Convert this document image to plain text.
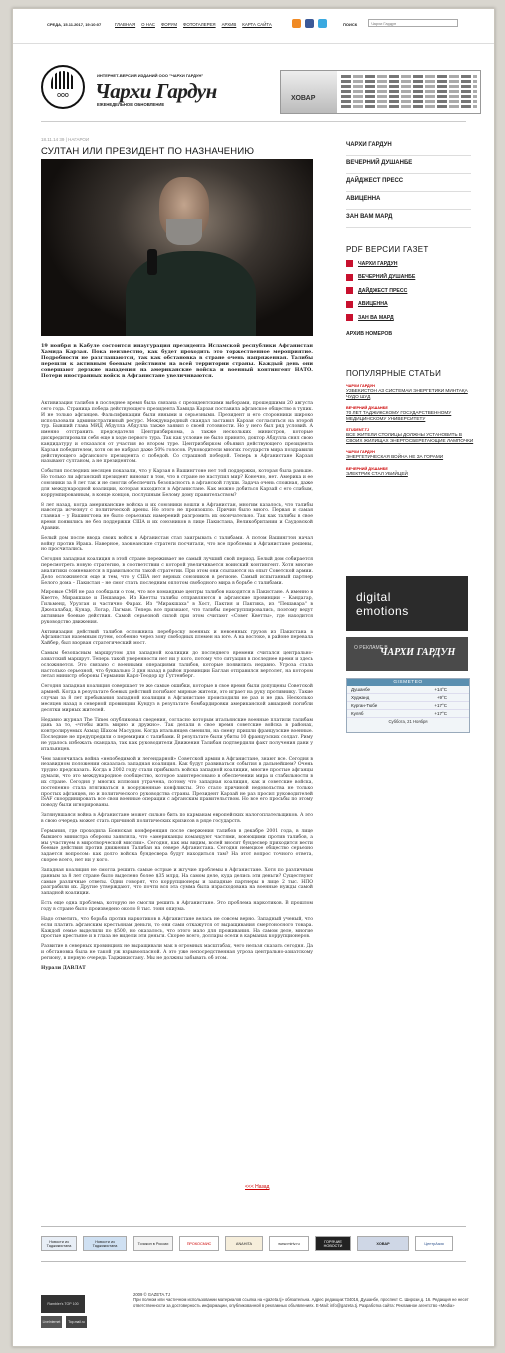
СРЕДА, 15.11.2017, 19:10:07	ГЛАВНАЯ О НАС ФОРУМ ФОТОГАЛЕРЕЯ АРХИВ КАРТА САЙТА	ПОИСК
Чархи Гардун
ООО
ИНТЕРНЕТ-ВЕРСИЯ ИЗДАНИЙ ООО "ЧАРХИ ГАРДУН"
Чархи Гардун
ЕЖЕНЕДЕЛЬНОЕ ОБНОВЛЕНИЕ
ХОВАР
18.11.14 39 | НАГАРОИ
СУЛТАН ИЛИ ПРЕЗИДЕНТ ПО НАЗНАЧЕНИЮ
19 ноября в Кабуле состоится инаугурация президента Исламской республики Афганистан Хамида Карзая. Пока неизвестно, как будет проходить это торжественное мероприятие. Подробности не разглашаются, так как обстановка в стране очень напряженная. Талибы перешли к активным боевым действиям на всей территории страны. Каждый день они совершают дерзкие нападения на американские войска и военный контингент НАТО. Потери иностранных войск в Афганистане увеличиваются.

Активизация талибов в последнее время была связана с президентскими выборами, прошедшими 20 августа сего года. Страница победа действующего президента Хамида Карзая поставила афганское общество в тупик. И не только афганцев. Фальсификации были явными и серьезными. Президент и его сторонники широко использовали административный ресурс. Международный скандал заставил Карзая согласиться на второй тур. Бывший глава МИД Абдулла Абдулла также заявил о своей готовности. Но у него был ряд условий. А именно отстранить председателя Центризбиркома, а также нескольких министров, которые дискредитировали себя еще в ходе первого тура. Так как условие не было принято, доктор Абдулла снял свою кандидатуру и отказался от участия во втором туре. Центризбирком объявил действующего президента Карзая победителем, хотя он не набрал даже 50% голосов. Руководители многих государств мира поздравили действующего афганского президента с победой. Со страшной победой. Теперь в Афганистане Карзая называют султаном, а не президентом.

События последних месяцев показали, что у Карзая в Вашингтоне нет той поддержки, которая была раньше. Но только ли афганский президент виноват в том, что в стране не наступил мир? Конечно, нет. Америка и ее союзники за 8 лет так и не смогли обеспечить безопасность в афганской глуши. Задача очень сложная, даже для международной коалиции, которая находится в Афганистане. Как можно добиться Карзай с его слабым, коррумпированным, в конце концов, послушным Белому дому правительством?

8 лет назад, когда американские войска и их союзники вошли в Афганистан, многим казалось, что талибы навсегда исчезнут с политической арены. Но этого не произошло. Причин было много. Первая и самая главная – у Вашингтона не было серьезных намерений разгромить их окончательно. Так как талибы в свое время появились не без поддержки США и их союзников в лице Пакистана, Великобритании и Саудовской Аравии.

Белый дом после ввода своих войск в Афганистан стал заигрывать с талибами. А потом Вашингтон начал войну против Ирака. Наверное, заокеанские стратеги посчитали, что все проблемы в Афганистане решены, но просчитались.

Сегодня западная коалиция в этой стране переживает не самый лучший свой период. Белый дом собирается пересмотреть новую стратегию, в соответствии с которой увеличивается воинский контингент. Хотя многие аналитики сомневаются в правильности такой стратегии. При этом они ссылаются на опыт Советской армии. Дело осложняется еще и тем, что у США нет верных союзников в регионе. Самый испытанный партнер Белого дома – Пакистан – не смог стать последним оплотом свободного мира в борьбе с талибами.

Мировые СМИ не раз сообщали о том, что все командные центры талибов находятся в Пакистане. А именно в Кветте, Миракшахе и Пешаваре. Из Кветты талибы отправляются в афганские провинции – Кандагар, Гильменд, Урузган и частично Фарах. Из "Миракшаха" в Хост, Пактия и Пактика, из "Пешавара" в Джелалабад, Кунар, Логар, Лагман. Теперь все признают, что талибы перегруппировались, поэтому ведут активные боевые действия. Самой серьезной силой при этом считают «Совет Кветты», где находится руководство движения.

Активизация действий талибов осложнила переброску военных и невоенных грузов из Пакистана в Афганистан наземным путем, особенно через зону свободных племен на юге. А на востоке, в районе перевала Хайбер, был взорван стратегический мост.

Самым безопасным маршрутом для западной коалиции до последнего времени считался центрально-азиатский маршрут. Теперь такой уверенности нет ни у кого, потому что ситуация в последнее время и здесь осложняется. Это связано с военными операциями талибов, которые появились недавно. Угроза стала настолько серьезной, что буквально 3 дня назад в район провинции Баглан отправился вертолет, на котором летал министр обороны Германии Карл-Теодор цу Гуттенберг.

Сегодня западная коалиция совершает те же самые ошибки, которые в свое время были допущены Советской армией. Когда в результате боевых действий погибают мирные жители, это играет на руку противнику. Такие случаи за 8 лет пребывания западной коалиции в Афганистане происходили не раз и не два. Несколько месяцев назад в северной провинции Кундуз в результате бомбардировки американской авиацией погибли десятки мирных жителей.

Недавно журнал The Times опубликовал сведения, согласно которым итальянские военные платили талибам дань за то, «чтобы жить мирно и дружно». Так делали в свое время советские войска в районах, контролируемых Ахмад Шахом Масудом. Когда итальянцев сменили, на смену пришли французские военные. Последние не предупредили о перемирии с талибами. В результате были убиты 10 французских солдат. Риму не удалось избежать скандала, так как руководители Движения Талибан подтвердили факт получения дани у итальянцев.

Чем закончилась война «непобедимой и легендарной» Советской армии в Афганистане, знают все. Сегодня в незавидном положении оказалась западная коалиция. Как будут развиваться события в дальнейшем? Очень трудно предсказать. Когда в 2002 году стали прибывать войска западной коалиции, многие простые афганцы думали, что это международное сообщество, которое заинтересовано в обеспечении мира и стабильности в их стране. Сегодня у многих иллюзия утрачена, потому что западная коалиция, как и советские войска, постепенно стала втягиваться в вооруженные конфликты. Это стало причиной недовольства не только простых афганцев, но и политического руководства страны. Президент Карзай не раз просил руководителей ISAF скоординировать все свои военные операции с афганским правительством. Но все его просьбы по этому поводу были игнорированы.

Затянувшаяся война в Афганистане может сильно бить по карманам европейских налогоплательщиков. А это в свою очередь может стать причиной политических кризисов в ряде государств.

Германия, где проходила Боннская конференция после свержения талибов в декабре 2001 года, в лице бывшего министра обороны заявляла, что «американцы командуют частями, воюющими против талибов, а мы участвуем в миротворческой миссии». Сегодня, как мы видим, волей вносит бундесвер приходится вести боевые действия против движения Талибан на севере Афганистана. Сегодня немецкое общество серьезно задается вопросом: как долго войска бундесвера будут находиться там? На этот вопрос точного ответа, скорее всего, нет ни у кого.

Западная коалиция не смогла решить самые острые и жгучие проблемы в Афганистане. Хотя по различным данным за 8 лет стране было выделено более $35 млрд. На самом деле, куда делись эти деньги? Существуют самые различные ответы. Одни говорят, что коррупционеры и западные партнеры в лице 2 тыс. НПО разграбили их. Другие утверждают, что почти вся эта сумма была израсходована на военные нужды самой западной коалиции.

Есть еще одна проблема, которую не смогли решить в Афганистане. Это проблема наркотиков. В прошлом году в стране было произведено около 8 тыс. тонн опиума.

Надо отметить, что борьба против наркотиков в Афганистане велась не совсем верно. Западный ученый, что если платить афганским крестьянам деньги, то они сами откажутся от выращивания смертоносного товара. Каждой семье выделили по $500, но оказалось, что этого мало для проживания. На самом деле, многие простые крестьяне и в глаза не видели эти деньги. Скорее всего, доллары осели в карманах коррупционеров.

Развитие в северных провинциях не выращивали мак в огромных масштабах, чего нельзя сказать сегодня. Да и обстановка была не такой уж взрывоопасной. А это уже непосредственная угроза центрально-азиатскому региону, в первую очередь Таджикистану. Мы не должны забывать об этом.

Нурали ДАВЛАТ

<<< Назад
ЧАРХИ ГАРДУН
ВЕЧЕРНИЙ ДУШАНБЕ
ДАЙДЖЕСТ ПРЕСС
АВИЦЕННА
ЗАН ВАМ МАРД
PDF ВЕРСИИ ГАЗЕТ
ЧАРХИ ГАРДУН
ВЕЧЕРНИЙ ДУШАНБЕ
ДАЙДЖЕСТ ПРЕСС
АВИЦЕННА
ЗАН ВА МАРД
АРХИВ НОМЕРОВ
ПОПУЛЯРНЫЕ СТАТЬИ
ЧАРХИ ГАРДУН
УЗБЕКИСТОН АЗ СИСТЕМАИ ЭНЕРГЕТИКИ МИНТАҚА ЧУДО ШУД
ВЕЧЕРНИЙ ДУШАНБЕ
70 ЛЕТ ТАДЖИКСКОМУ ГОСУДАРСТВЕННОМУ МЕДИЦИНСКОМУ УНИВЕРСИТЕТУ
STUDENT.TJ
ВСЕ ЖИТЕЛИ СТОЛИЦЫ ДОЛЖНЫ УСТАНОВИТЬ В СВОИХ ЖИЛИЩАХ ЭНЕРГОСБЕРЕГАЮЩИЕ ЛАМПОЧКИ
ЧАРХИ ГАРДУН
ЭНЕРГЕТИЧЕСКАЯ ВОЙНА НЕ ЗА ГОРАМИ
ВЕЧЕРНИЙ ДУШАНБЕ
ЭЛЕКТРИК СТАЛ УБИЙЦЕЙ
digital
emotions
О РЕКЛАМЕ В
ЧАРХИ ГАРДУН
GISMETEO
Душанбе	+14°C
Худжанд	+9°C
Курган-Тюбе	+17°C
Куляб	+17°C
Суббота, 21 Ноября
Новости из Таджикистана
Новости из Таджикистана	Точикон в России	ПРОКОСМИС	ANAHITA	www.mirtv.ru	ГОРЯЧИЕ НОВОСТИ	ХОВАР	ЦентрАзия
Rambler's TOP 100
LiveInternet	Top.mail.ru
2009 © GAZETA.TJ
При полном или частичном использовании материалов ссылка на «gazeta.tj» обязательна. Адрес редакции:734016, Душанбе, проспект С. Ширози д. 16. Редакция не несет ответственности за достоверность информации, опубликованной в рекламных объявлениях. E-Mail: info@gazeta.tj. Разработка сайта: Рекламное агентство «Media»
